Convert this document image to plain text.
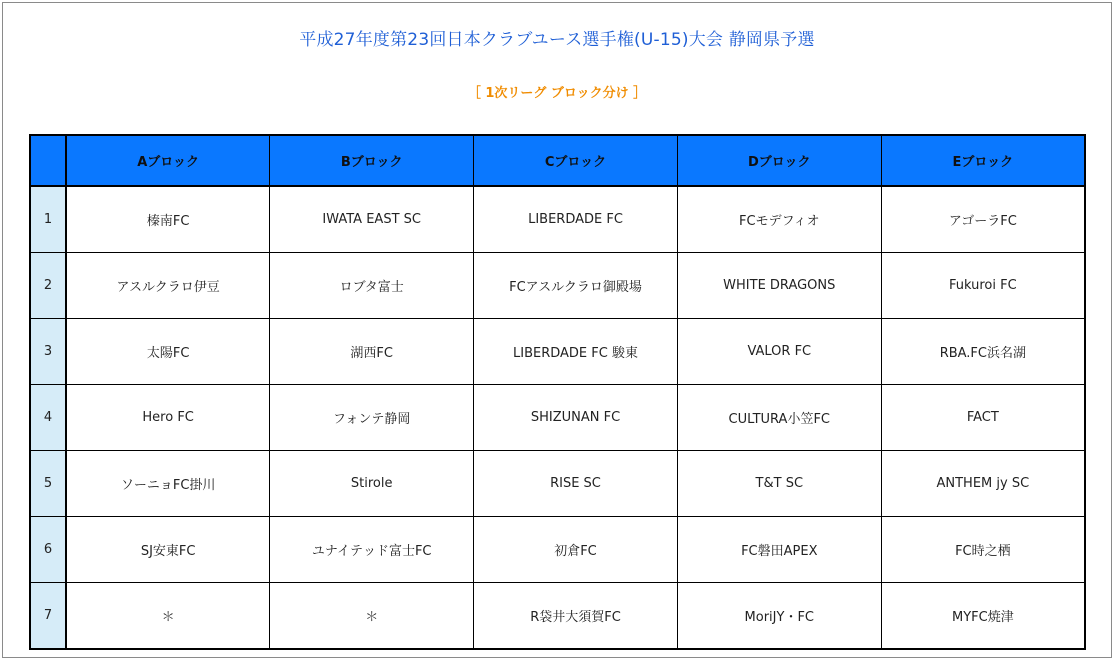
平成27年度第23回日本クラブユース選手権(U-15)大会 静岡県予選
［ 1次リーグ ブロック分け ］
	Aブロック	Bブロック	Cブロック	Dブロック	Eブロック
1	榛南FC	IWATA EAST SC	LIBERDADE FC	FCモデフィオ	アゴーラFC
2	アスルクラロ伊豆	ロブタ富士	FCアスルクラロ御殿場	WHITE DRAGONS	Fukuroi FC
3	太陽FC	湖西FC	LIBERDADE FC 駿東	VALOR FC	RBA.FC浜名湖
4	Hero FC	フォンテ静岡	SHIZUNAN FC	CULTURA小笠FC	FACT
5	ソーニョFC掛川	Stirole	RISE SC	T&T SC	ANTHEM jy SC
6	SJ安東FC	ユナイテッド富士FC	初倉FC	FC磐田APEX	FC時之栖
7	＊	＊	R袋井大須賀FC	MoriJY・FC	MYFC焼津
